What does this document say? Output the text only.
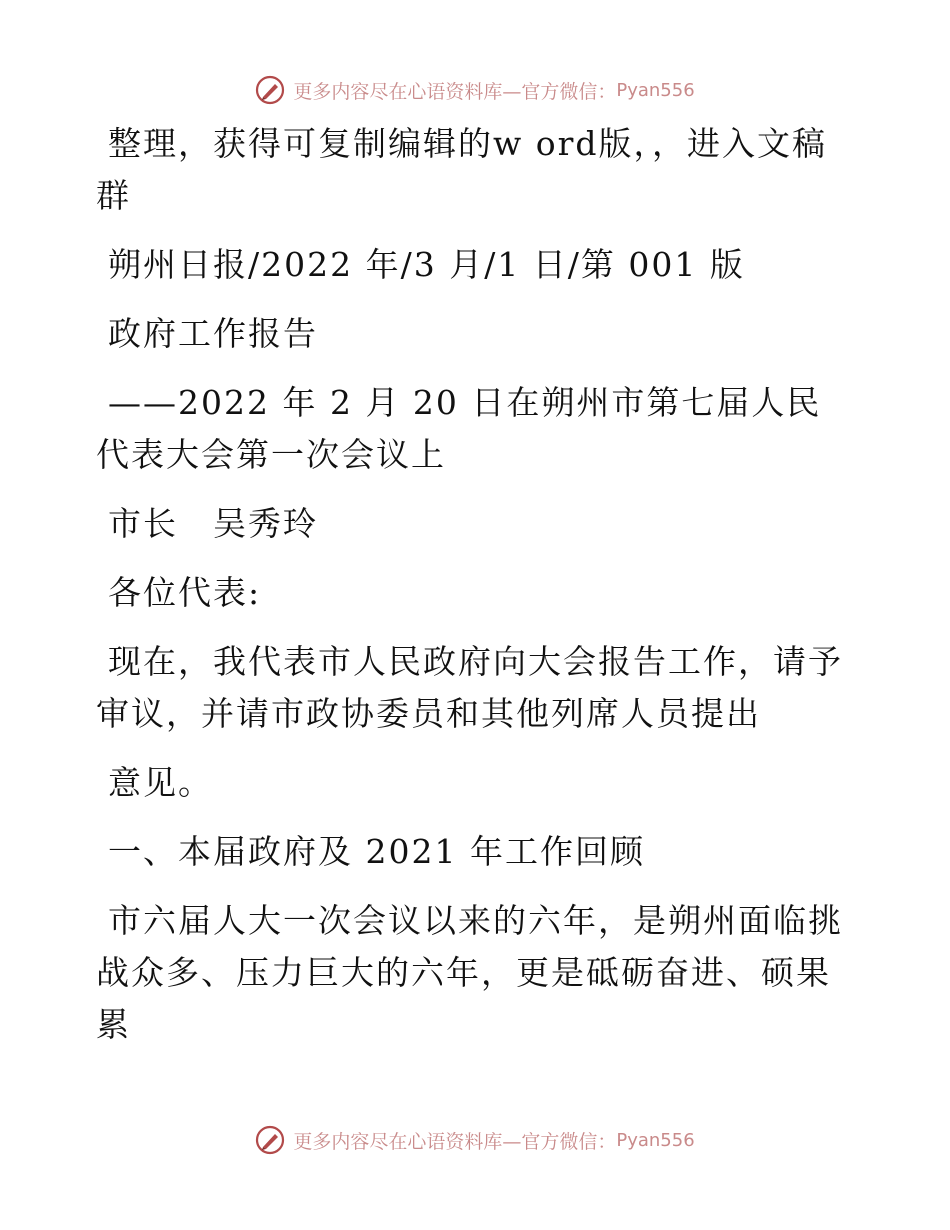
更多内容尽在心语资料库—官方微信： Pyan556

整理，获得可复制编辑的w ord版，，进入文稿群

朔州日报/2022 年/3 月/1 日/第 001 版

政府工作报告

——2022 年 2 月 20 日在朔州市第七届人民代表大会第一次会议上

市长　吴秀玲

各位代表:

现在，我代表市人民政府向大会报告工作，请予审议，并请市政协委员和其他列席人员提出

意见。

一、本届政府及 2021 年工作回顾

市六届人大一次会议以来的六年，是朔州面临挑战众多、压力巨大的六年，更是砥砺奋进、硕果累

更多内容尽在心语资料库—官方微信： Pyan556
